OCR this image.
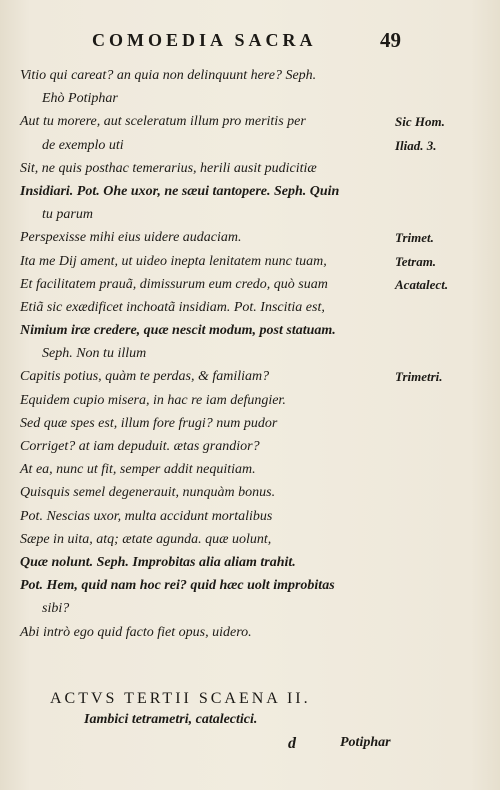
COMOEDIA SACRA	49
Vitio qui careat? an quia non delinquunt here? Seph.
Ehò Potiphar
Aut tu morere, aut sceleratum illum pro meritis per	Sic Hom.
de exemplo uti	Iliad. 3.
Sit, ne quis posthac temerarius, herili ausit pudicitiæ
Insidiari. Pot. Ohe uxor, ne sæui tantopere. Seph. Quin
tu parum
Perspexisse mihi eius uidere audaciam.	Trimet.
Ita me Dij ament, ut uideo inepta lenitatem nunc tuam,	Tetram.
Et facilitatem prauã, dimissurum eum credo, quò suam	Acatalect.
Etiã sic exædificet inchoatã insidiam. Pot. Inscitia est,
Nimium iræ credere, quæ nescit modum, post statuam.
Seph. Non tu illum
Capitis potius, quàm te perdas, & familiam?	Trimetri.
Equidem cupio misera, in hac re iam defungier.
Sed quæ spes est, illum fore frugi? num pudor
Corriget? at iam depuduit. ætas grandior?
At ea, nunc ut fit, semper addit nequitiam.
Quisquis semel degenerauit, nunquàm bonus.
Pot. Nescias uxor, multa accidunt mortalibus
Sæpe in uita, atq; ætate agunda. quæ uolunt,
Quæ nolunt. Seph. Improbitas alia aliam trahit.
Pot. Hem, quid nam hoc rei? quid hæc uolt improbitas
sibi?
Abi intrò ego quid facto fiet opus, uidero.
ACTVS TERTII SCAENA II.
Iambici tetrametri, catalectici.
d	Potiphar
